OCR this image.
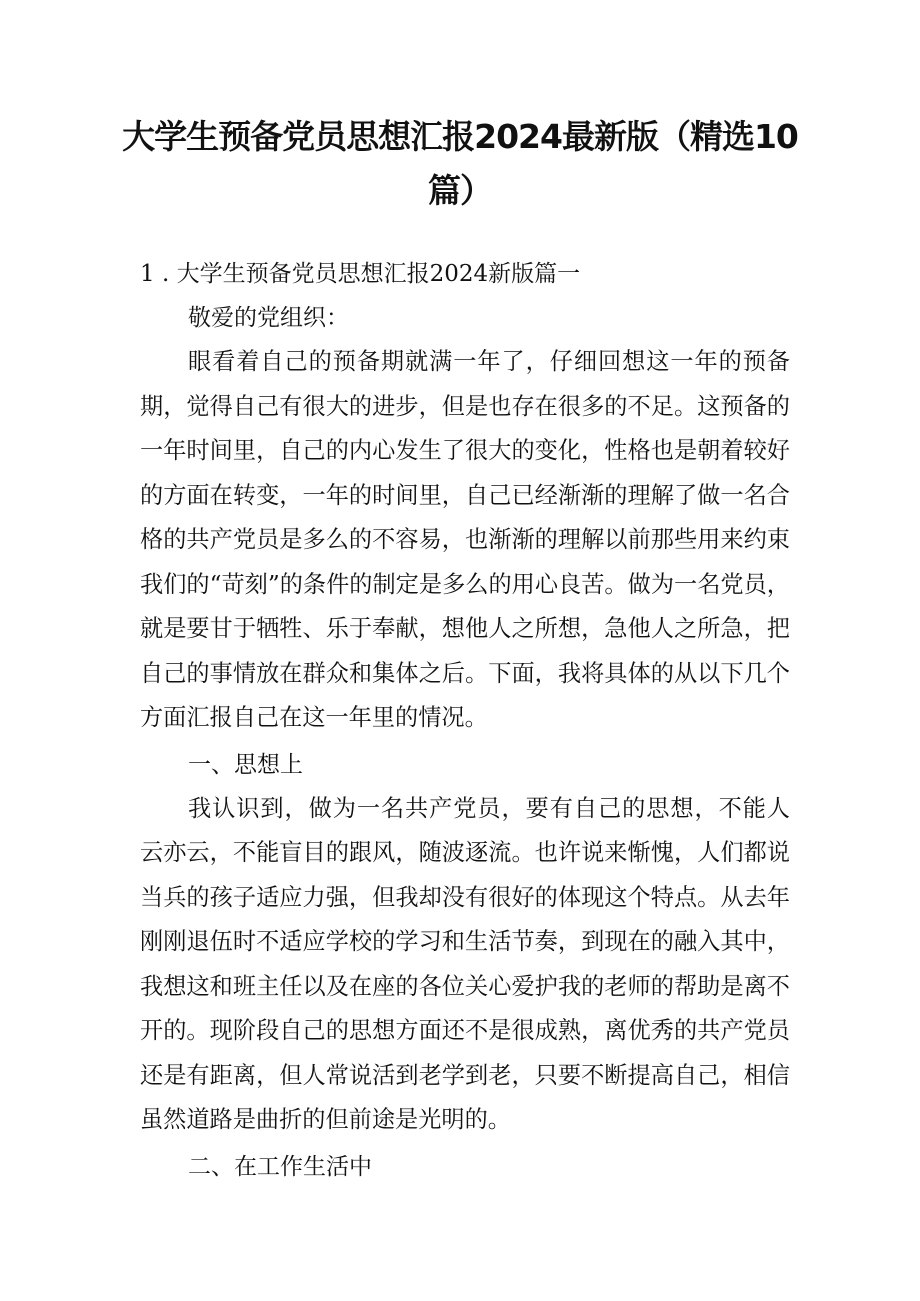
大学生预备党员思想汇报2024最新版（精选10篇）
1 . 大学生预备党员思想汇报2024新版篇一

敬爱的党组织：

眼看着自己的预备期就满一年了，仔细回想这一年的预备期，觉得自己有很大的进步，但是也存在很多的不足。这预备的一年时间里，自己的内心发生了很大的变化，性格也是朝着较好的方面在转变，一年的时间里，自己已经渐渐的理解了做一名合格的共产党员是多么的不容易，也渐渐的理解以前那些用来约束我们的“苛刻”的条件的制定是多么的用心良苦。做为一名党员，就是要甘于牺牲、乐于奉献，想他人之所想，急他人之所急，把自己的事情放在群众和集体之后。下面，我将具体的从以下几个方面汇报自己在这一年里的情况。

一、思想上

我认识到，做为一名共产党员，要有自己的思想，不能人云亦云，不能盲目的跟风，随波逐流。也许说来惭愧，人们都说当兵的孩子适应力强，但我却没有很好的体现这个特点。从去年刚刚退伍时不适应学校的学习和生活节奏，到现在的融入其中，我想这和班主任以及在座的各位关心爱护我的老师的帮助是离不开的。现阶段自己的思想方面还不是很成熟，离优秀的共产党员还是有距离，但人常说活到老学到老，只要不断提高自己，相信虽然道路是曲折的但前途是光明的。

二、在工作生活中
